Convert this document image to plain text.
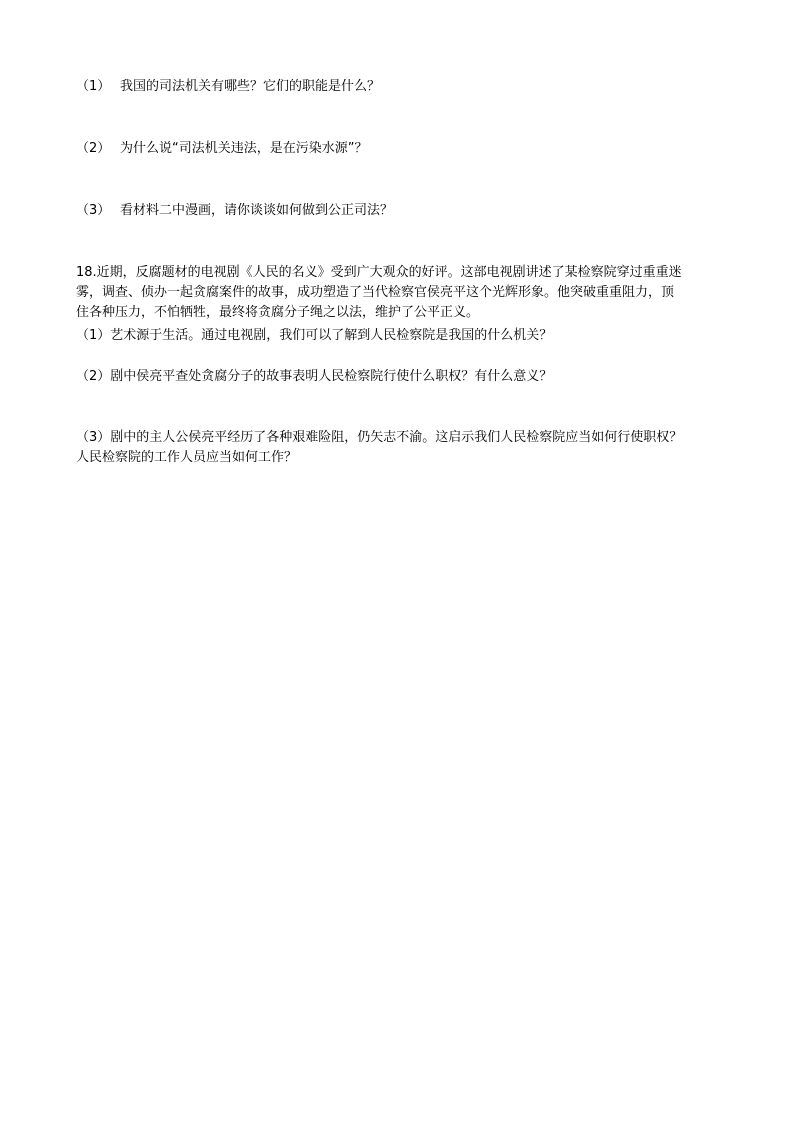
（1） 我国的司法机关有哪些？它们的职能是什么？
（2） 为什么说“司法机关违法，是在污染水源”？
（3） 看材料二中漫画，请你谈谈如何做到公正司法？
18.近期，反腐题材的电视剧《人民的名义》受到广大观众的好评。这部电视剧讲述了某检察院穿过重重迷
雾，调查、侦办一起贪腐案件的故事，成功塑造了当代检察官侯亮平这个光辉形象。他突破重重阻力，顶
住各种压力，不怕牺牲，最终将贪腐分子绳之以法，维护了公平正义。
（1）艺术源于生活。通过电视剧，我们可以了解到人民检察院是我国的什么机关？
（2）剧中侯亮平查处贪腐分子的故事表明人民检察院行使什么职权？有什么意义？
（3）剧中的主人公侯亮平经历了各种艰难险阻，仍矢志不渝。这启示我们人民检察院应当如何行使职权？
人民检察院的工作人员应当如何工作？
